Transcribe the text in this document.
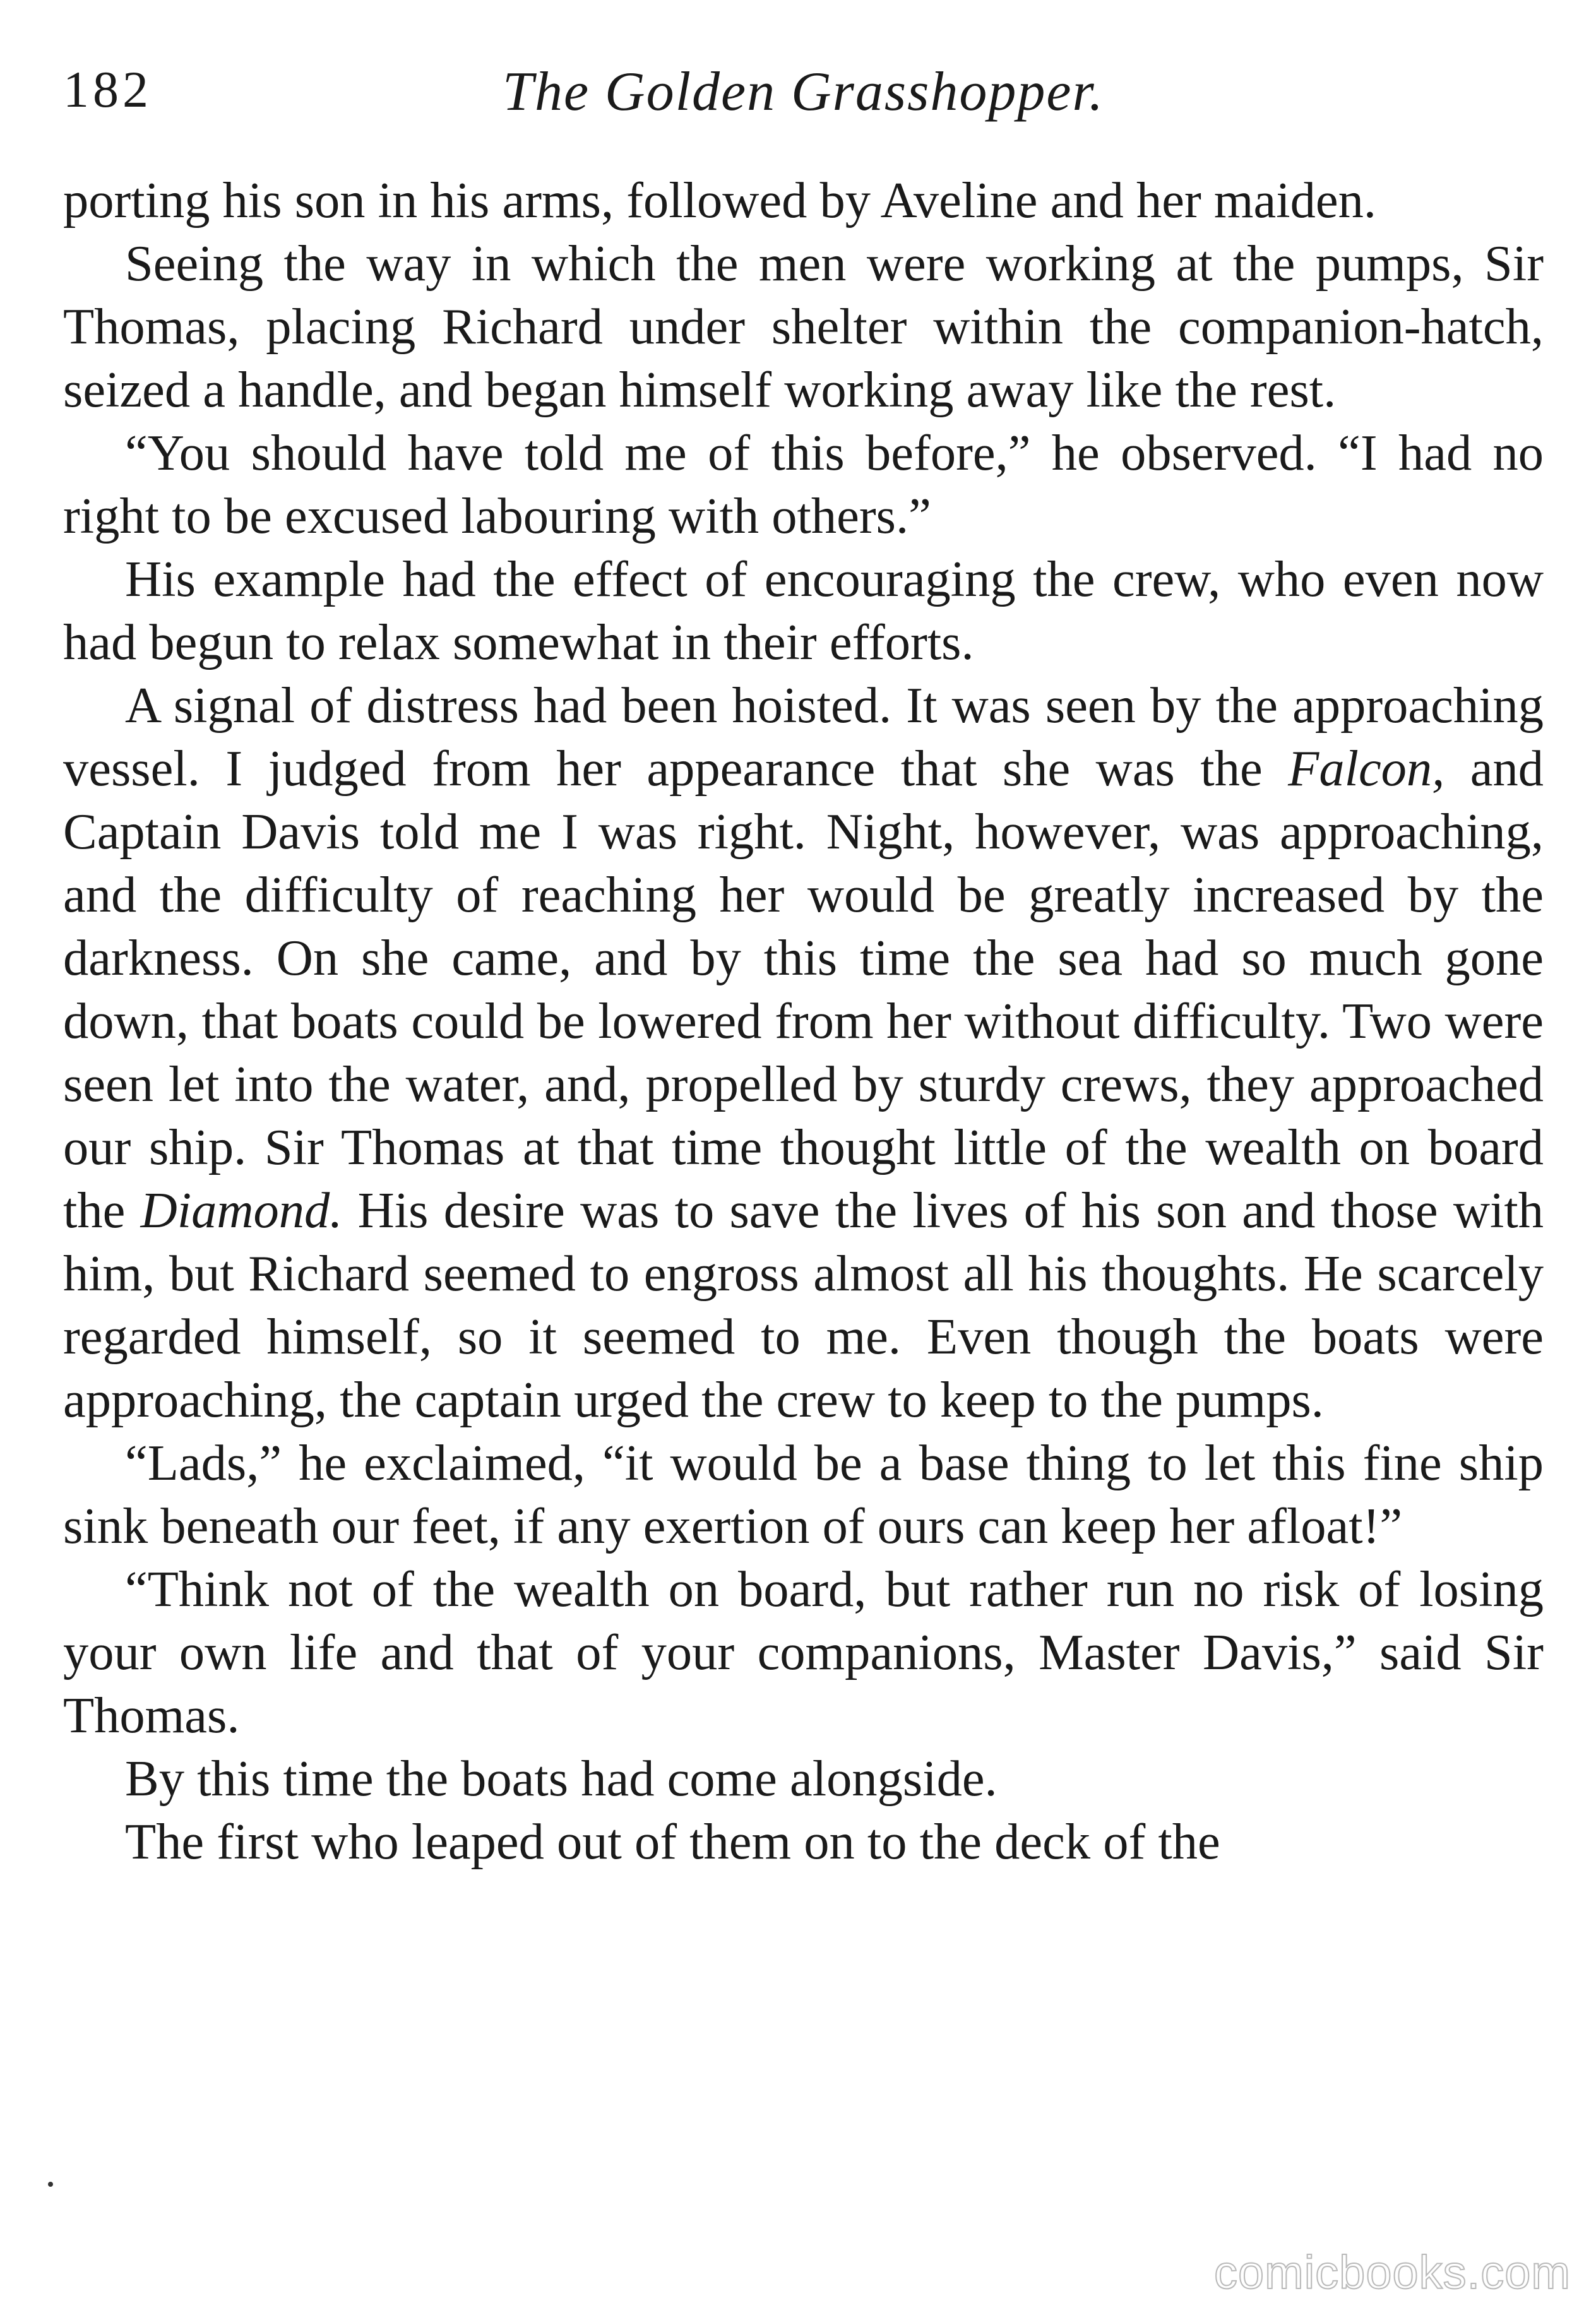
182	The Golden Grasshopper.

porting his son in his arms, followed by Aveline and her maiden.

Seeing the way in which the men were working at the pumps, Sir Thomas, placing Richard under shelter within the companion-hatch, seized a handle, and began himself working away like the rest.

“You should have told me of this before,” he observed. “I had no right to be excused labouring with others.”

His example had the effect of encouraging the crew, who even now had begun to relax somewhat in their efforts.

A signal of distress had been hoisted. It was seen by the approaching vessel. I judged from her appearance that she was the Falcon, and Captain Davis told me I was right. Night, however, was approaching, and the difficulty of reaching her would be greatly increased by the darkness. On she came, and by this time the sea had so much gone down, that boats could be lowered from her without difficulty. Two were seen let into the water, and, propelled by sturdy crews, they approached our ship. Sir Thomas at that time thought little of the wealth on board the Diamond. His desire was to save the lives of his son and those with him, but Richard seemed to engross almost all his thoughts. He scarcely regarded himself, so it seemed to me. Even though the boats were approaching, the captain urged the crew to keep to the pumps.

“Lads,” he exclaimed, “it would be a base thing to let this fine ship sink beneath our feet, if any exertion of ours can keep her afloat!”

“Think not of the wealth on board, but rather run no risk of losing your own life and that of your companions, Master Davis,” said Sir Thomas.

By this time the boats had come alongside.

The first who leaped out of them on to the deck of the

comicbooks.com
